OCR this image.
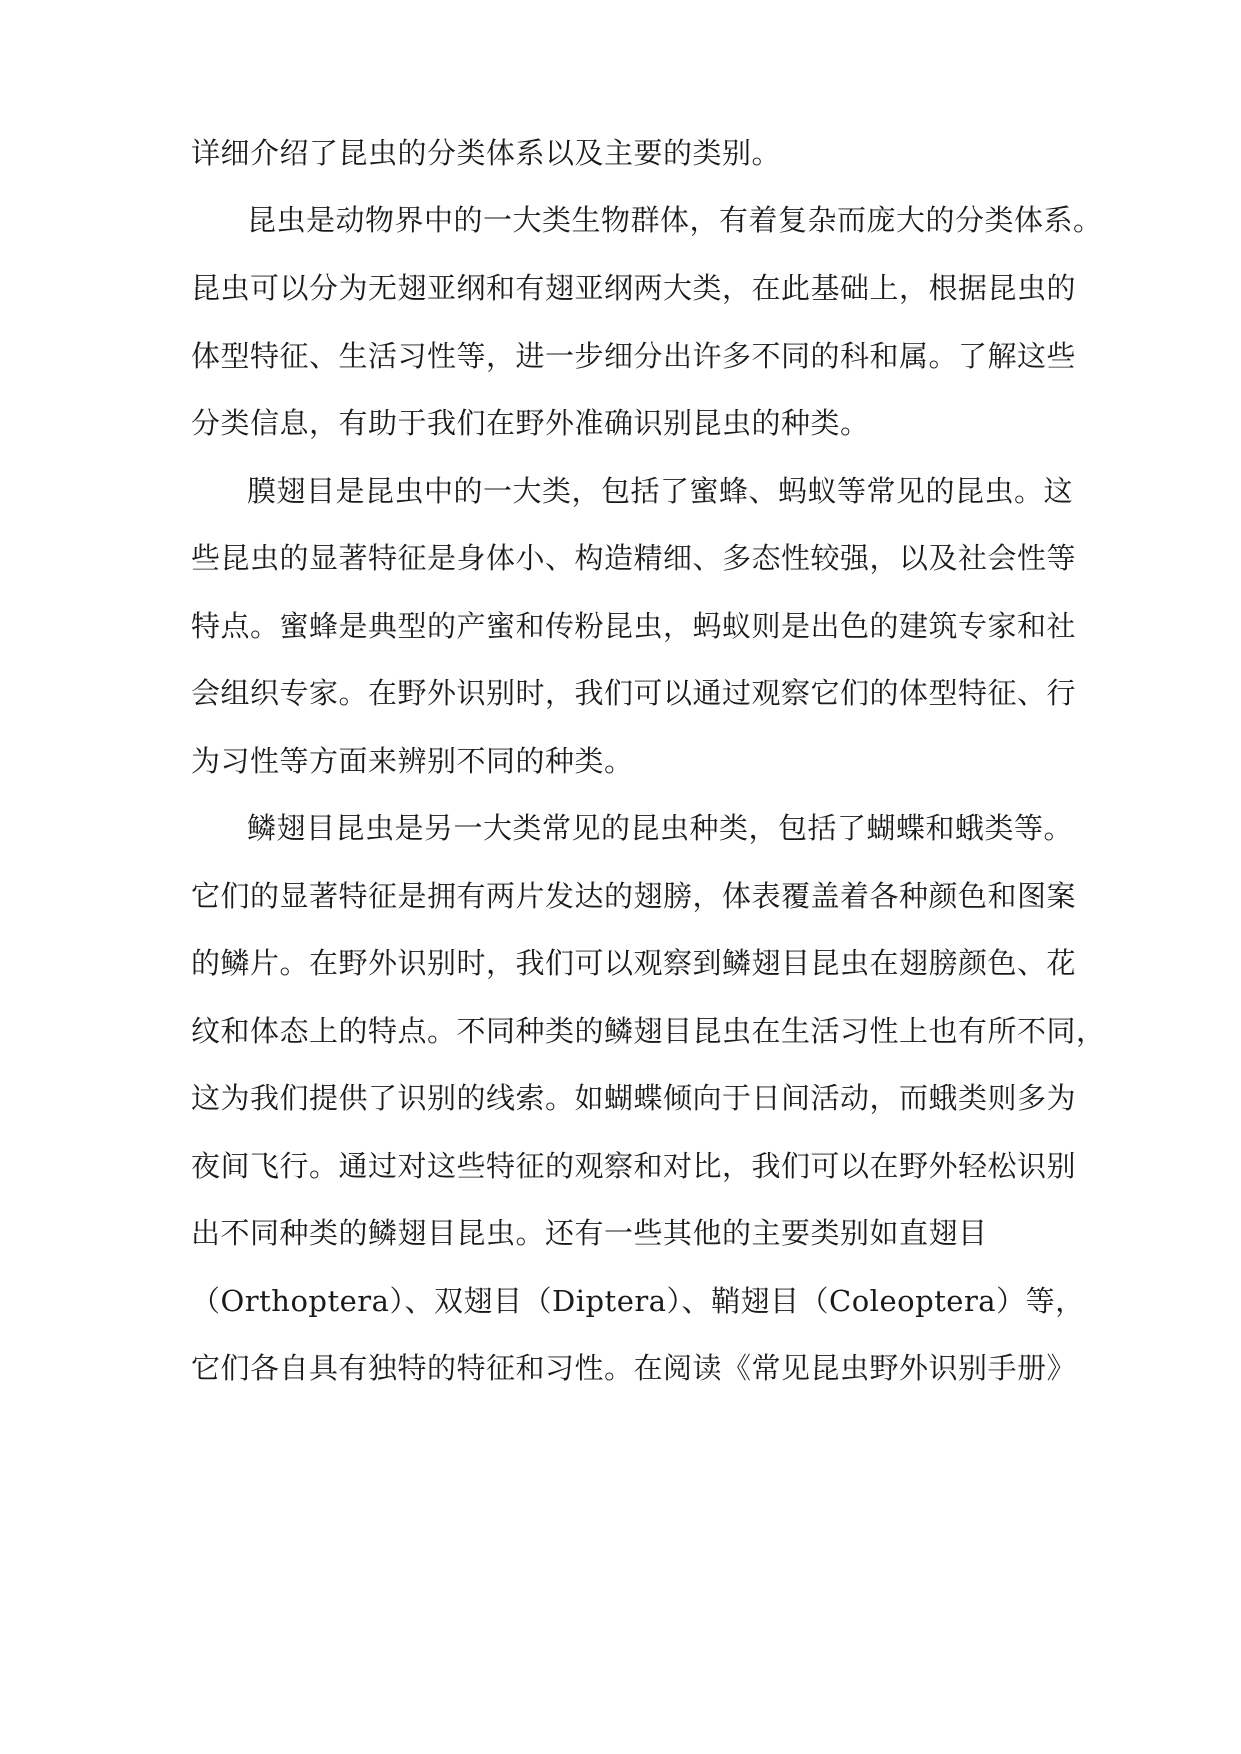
详细介绍了昆虫的分类体系以及主要的类别。
昆虫是动物界中的一大类生物群体，有着复杂而庞大的分类体系。
昆虫可以分为无翅亚纲和有翅亚纲两大类，在此基础上，根据昆虫的
体型特征、生活习性等，进一步细分出许多不同的科和属。了解这些
分类信息，有助于我们在野外准确识别昆虫的种类。
膜翅目是昆虫中的一大类，包括了蜜蜂、蚂蚁等常见的昆虫。这
些昆虫的显著特征是身体小、构造精细、多态性较强，以及社会性等
特点。蜜蜂是典型的产蜜和传粉昆虫，蚂蚁则是出色的建筑专家和社
会组织专家。在野外识别时，我们可以通过观察它们的体型特征、行
为习性等方面来辨别不同的种类。
鳞翅目昆虫是另一大类常见的昆虫种类，包括了蝴蝶和蛾类等。
它们的显著特征是拥有两片发达的翅膀，体表覆盖着各种颜色和图案
的鳞片。在野外识别时，我们可以观察到鳞翅目昆虫在翅膀颜色、花
纹和体态上的特点。不同种类的鳞翅目昆虫在生活习性上也有所不同，
这为我们提供了识别的线索。如蝴蝶倾向于日间活动，而蛾类则多为
夜间飞行。通过对这些特征的观察和对比，我们可以在野外轻松识别
出不同种类的鳞翅目昆虫。还有一些其他的主要类别如直翅目
（Orthoptera）、双翅目（Diptera）、鞘翅目（Coleoptera）等，
它们各自具有独特的特征和习性。在阅读《常见昆虫野外识别手册》
